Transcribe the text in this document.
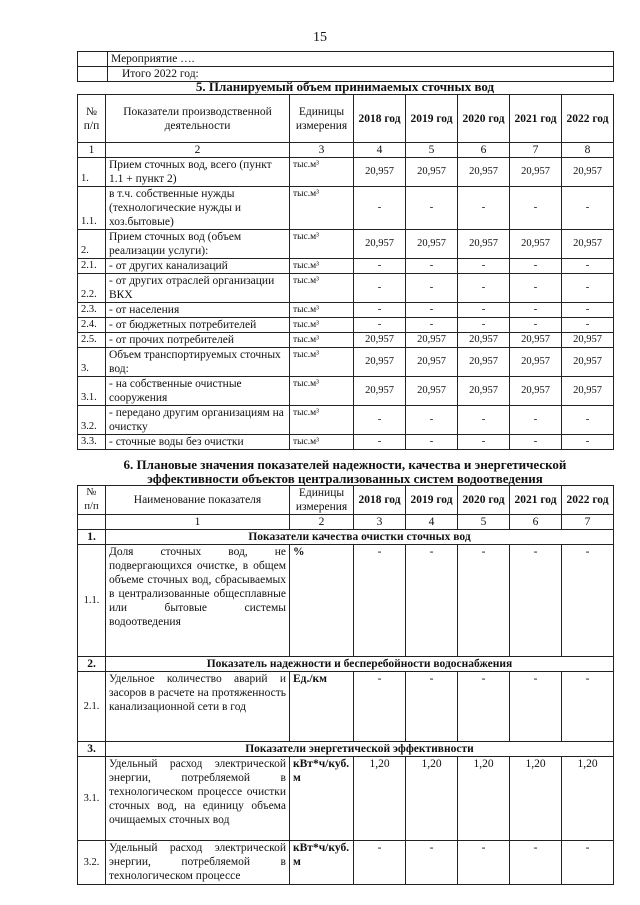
15
	Мероприятие ….
	Итого 2022 год:
5. Планируемый объем принимаемых сточных вод
№ п/п	Показатели производственной деятельности	Единицы измерения	2018 год	2019 год	2020 год	2021 год	2022 год
1	2	3	4	5	6	7	8
1.	Прием сточных вод, всего (пункт 1.1 + пункт 2)	тыс.м³	20,957	20,957	20,957	20,957	20,957
1.1.	в т.ч. собственные нужды (технологические нужды и хоз.бытовые)	тыс.м³	-	-	-	-	-
2.	Прием сточных вод (объем реализации услуги):	тыс.м³	20,957	20,957	20,957	20,957	20,957
2.1.	- от других канализаций	тыс.м³	-	-	-	-	-
2.2.	- от других отраслей организации ВКХ	тыс.м³	-	-	-	-	-
2.3.	- от населения	тыс.м³	-	-	-	-	-
2.4.	- от бюджетных потребителей	тыс.м³	-	-	-	-	-
2.5.	- от прочих потребителей	тыс.м³	20,957	20,957	20,957	20,957	20,957
3.	Объем транспортируемых сточных вод:	тыс.м³	20,957	20,957	20,957	20,957	20,957
3.1.	- на собственные очистные сооружения	тыс.м³	20,957	20,957	20,957	20,957	20,957
3.2.	- передано другим организациям на очистку	тыс.м³	-	-	-	-	-
3.3.	- сточные воды без очистки	тыс.м³	-	-	-	-	-
6. Плановые значения показателей надежности, качества и энергетической
эффективности объектов централизованных систем водоотведения
№ п/п	Наименование показателя	Единицы измерения	2018 год	2019 год	2020 год	2021 год	2022 год
	1	2	3	4	5	6	7
1.	Показатели качества очистки сточных вод						
1.1.	Доля сточных вод, не подвергающихся очистке, в общем объеме сточных вод, сбрасываемых в централизованные общесплавные или бытовые системы водоотведения	%	-	-	-	-	-
2.	Показатель надежности и бесперебойности водоснабжения						
2.1.	Удельное количество аварий и засоров в расчете на протяженность канализационной сети в год	Ед./км	-	-	-	-	-
3.	Показатели энергетической эффективности						
3.1.	Удельный расход электрической энергии, потребляемой в технологическом процессе очистки сточных вод, на единицу объема очищаемых сточных вод	кВт*ч/куб. м	1,20	1,20	1,20	1,20	1,20
3.2.	Удельный расход электрической энергии, потребляемой в технологическом процессе	кВт*ч/куб. м	-	-	-	-	-
